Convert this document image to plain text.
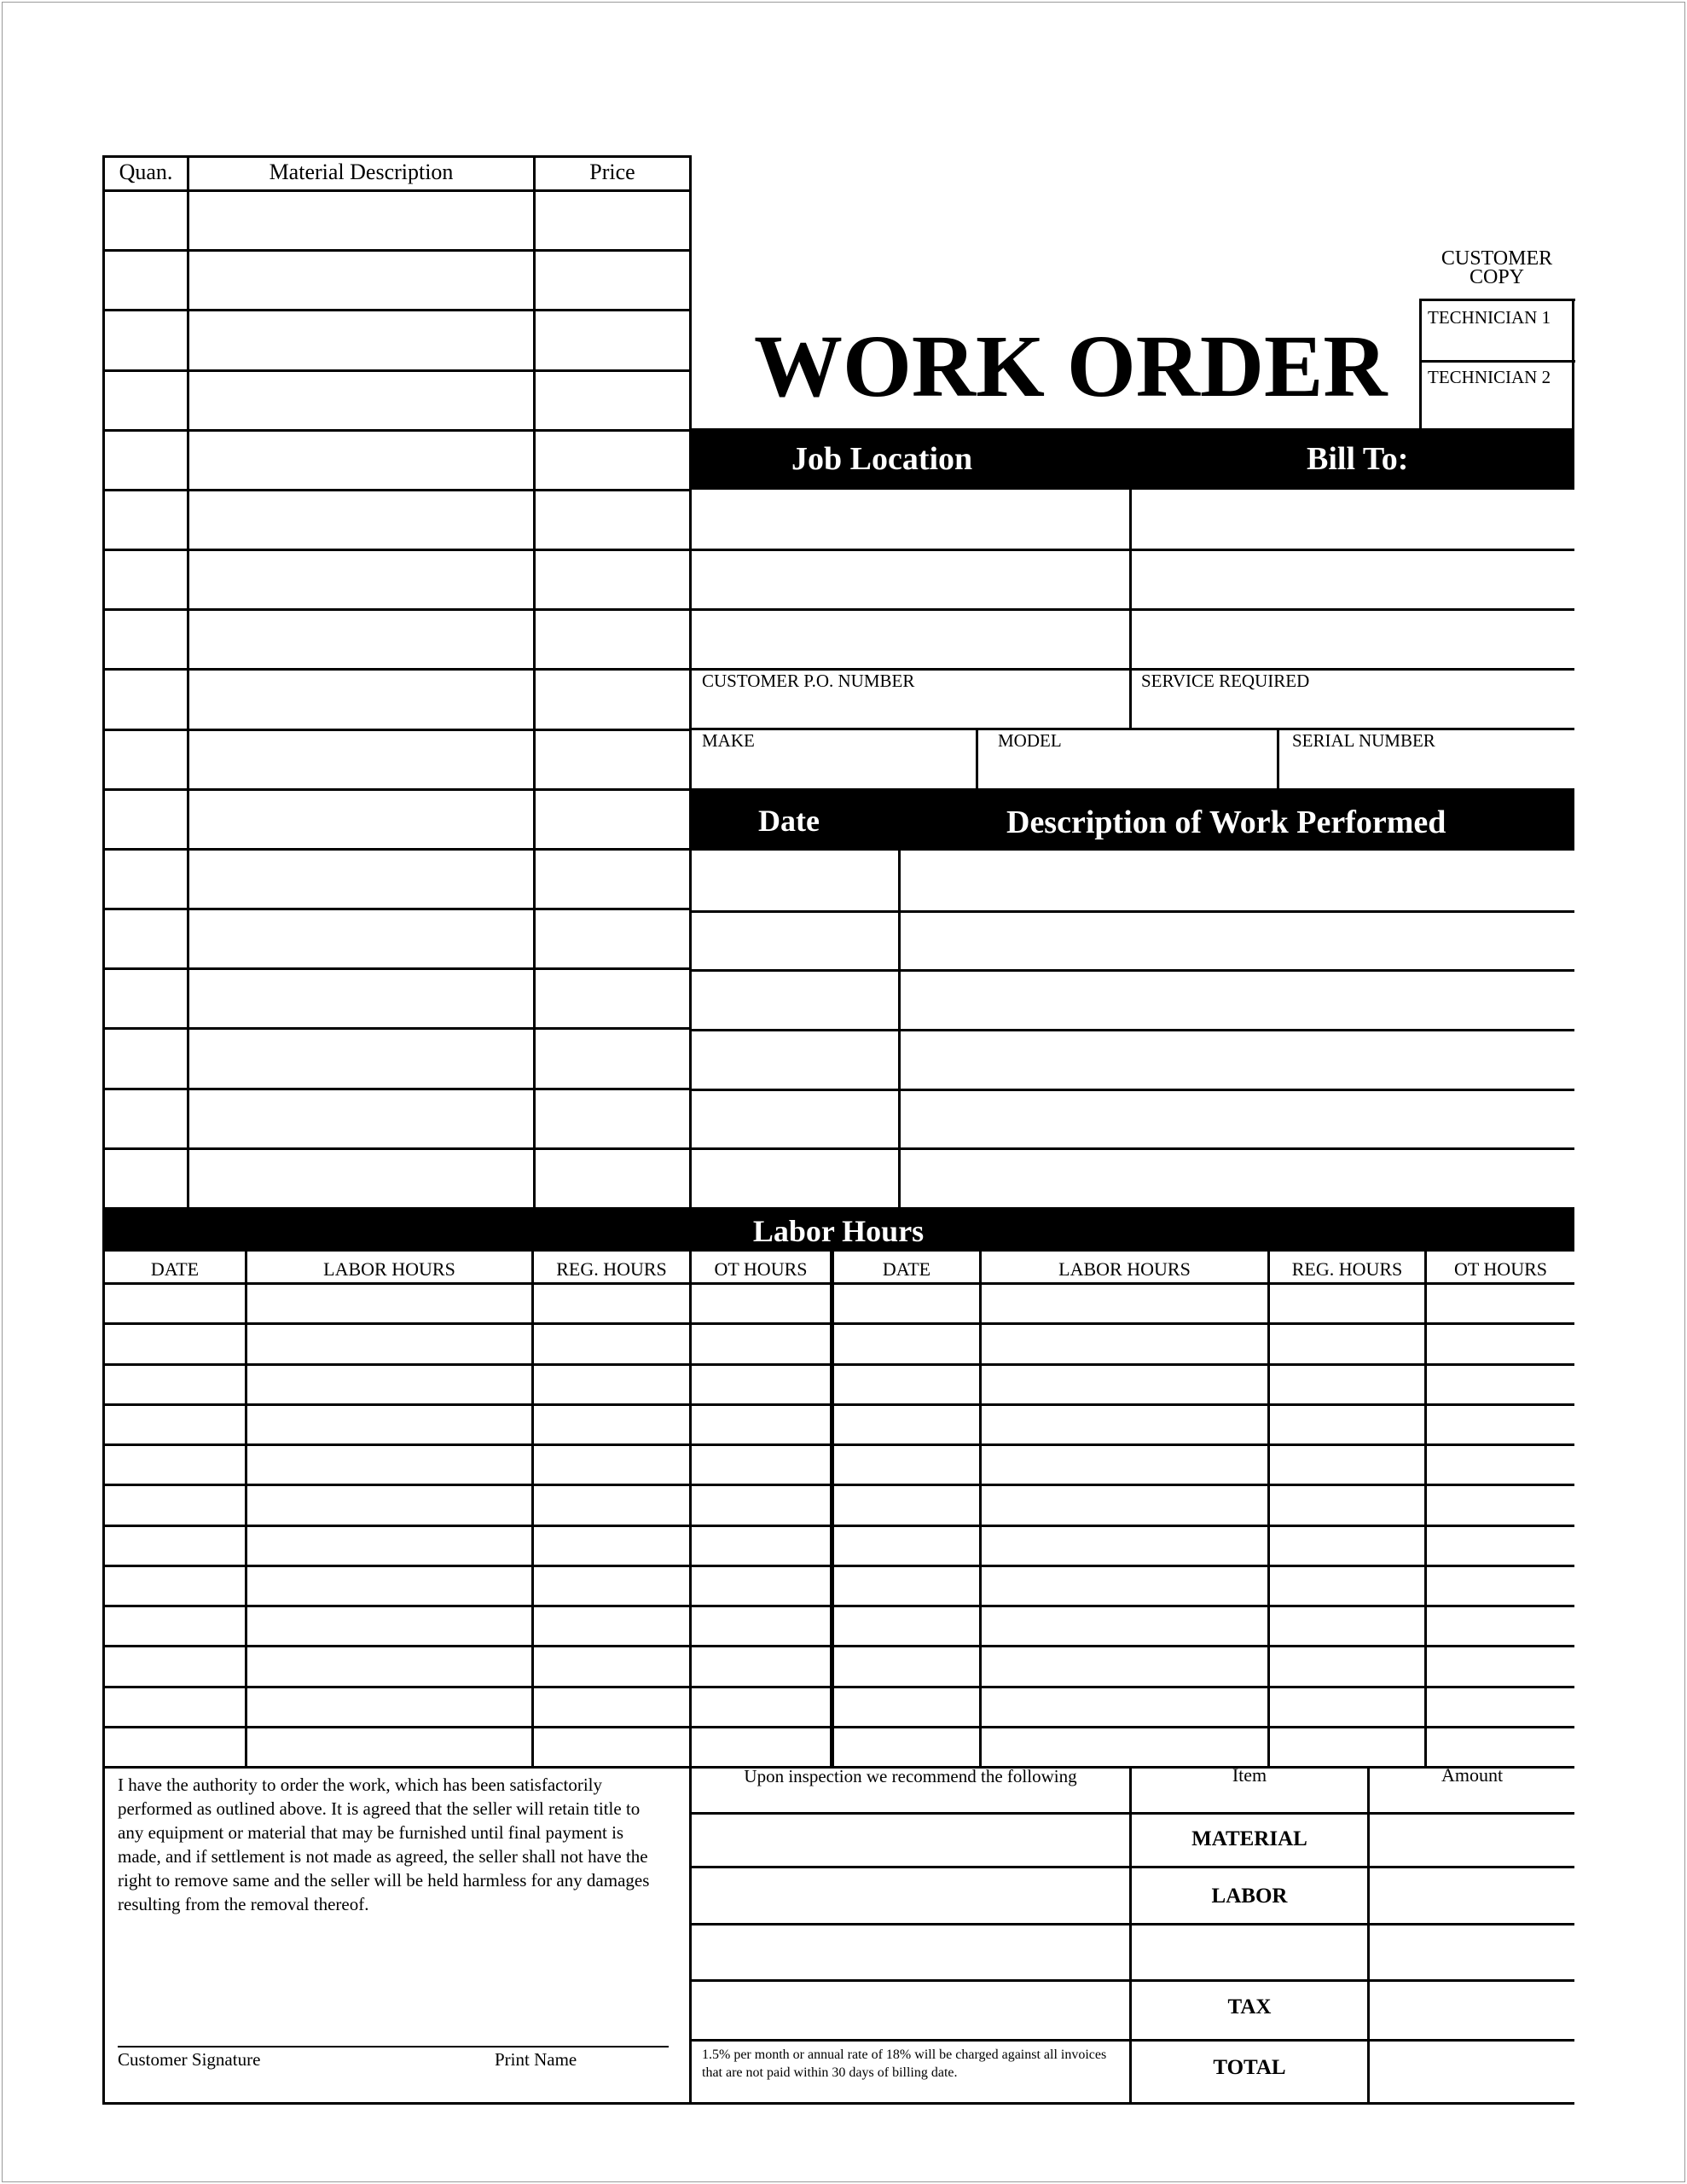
Quan.	Material Description	Price
WORK ORDER
CUSTOMER COPY
TECHNICIAN 1
TECHNICIAN 2
Job Location	Bill To:
CUSTOMER P.O. NUMBER	SERVICE REQUIRED
MAKE	MODEL	SERIAL NUMBER
Date	Description of Work Performed
Labor Hours
DATE	LABOR HOURS	REG. HOURS	OT HOURS	DATE	LABOR HOURS	REG. HOURS	OT HOURS
I have the authority to order the work, which has been satisfactorily performed as outlined above. It is agreed that the seller will retain title to any equipment or material that may be furnished until final payment is made, and if settlement is not made as agreed, the seller shall not have the right to remove same and the seller will be held harmless for any damages resulting from the removal thereof.
Customer Signature	Print Name
Upon inspection we recommend the following
1.5% per month or annual rate of 18% will be charged against all invoices that are not paid within 30 days of billing date.
Item	Amount
MATERIAL
LABOR
TAX
TOTAL
